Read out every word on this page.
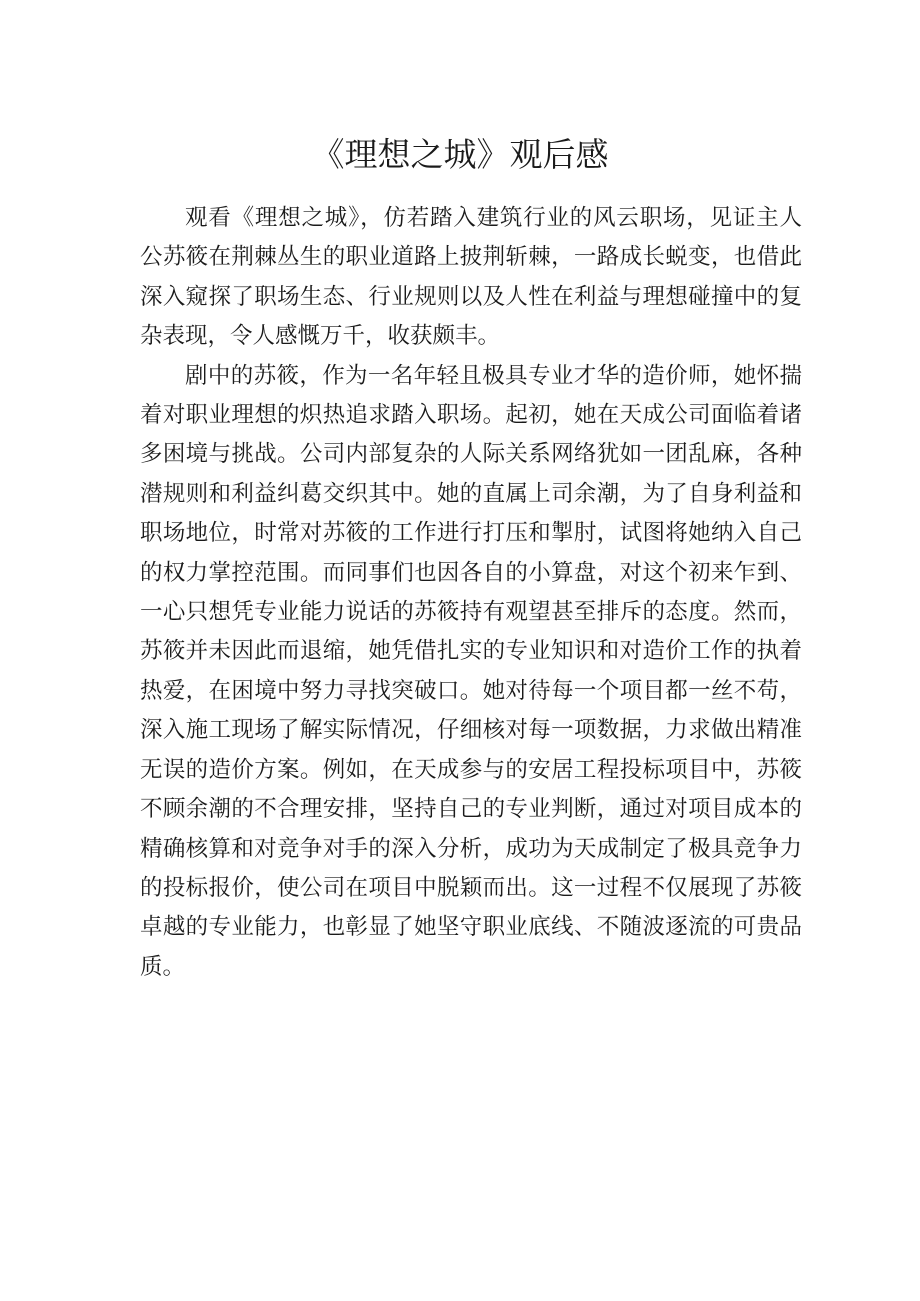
《理想之城》观后感

观看《理想之城》，仿若踏入建筑行业的风云职场，见证主人公苏筱在荆棘丛生的职业道路上披荆斩棘，一路成长蜕变，也借此深入窥探了职场生态、行业规则以及人性在利益与理想碰撞中的复杂表现，令人感慨万千，收获颇丰。

剧中的苏筱，作为一名年轻且极具专业才华的造价师，她怀揣着对职业理想的炽热追求踏入职场。起初，她在天成公司面临着诸多困境与挑战。公司内部复杂的人际关系网络犹如一团乱麻，各种潜规则和利益纠葛交织其中。她的直属上司余潮，为了自身利益和职场地位，时常对苏筱的工作进行打压和掣肘，试图将她纳入自己的权力掌控范围。而同事们也因各自的小算盘，对这个初来乍到、一心只想凭专业能力说话的苏筱持有观望甚至排斥的态度。然而，苏筱并未因此而退缩，她凭借扎实的专业知识和对造价工作的执着热爱，在困境中努力寻找突破口。她对待每一个项目都一丝不苟，深入施工现场了解实际情况，仔细核对每一项数据，力求做出精准无误的造价方案。例如，在天成参与的安居工程投标项目中，苏筱不顾余潮的不合理安排，坚持自己的专业判断，通过对项目成本的精确核算和对竞争对手的深入分析，成功为天成制定了极具竞争力的投标报价，使公司在项目中脱颖而出。这一过程不仅展现了苏筱卓越的专业能力，也彰显了她坚守职业底线、不随波逐流的可贵品质。
